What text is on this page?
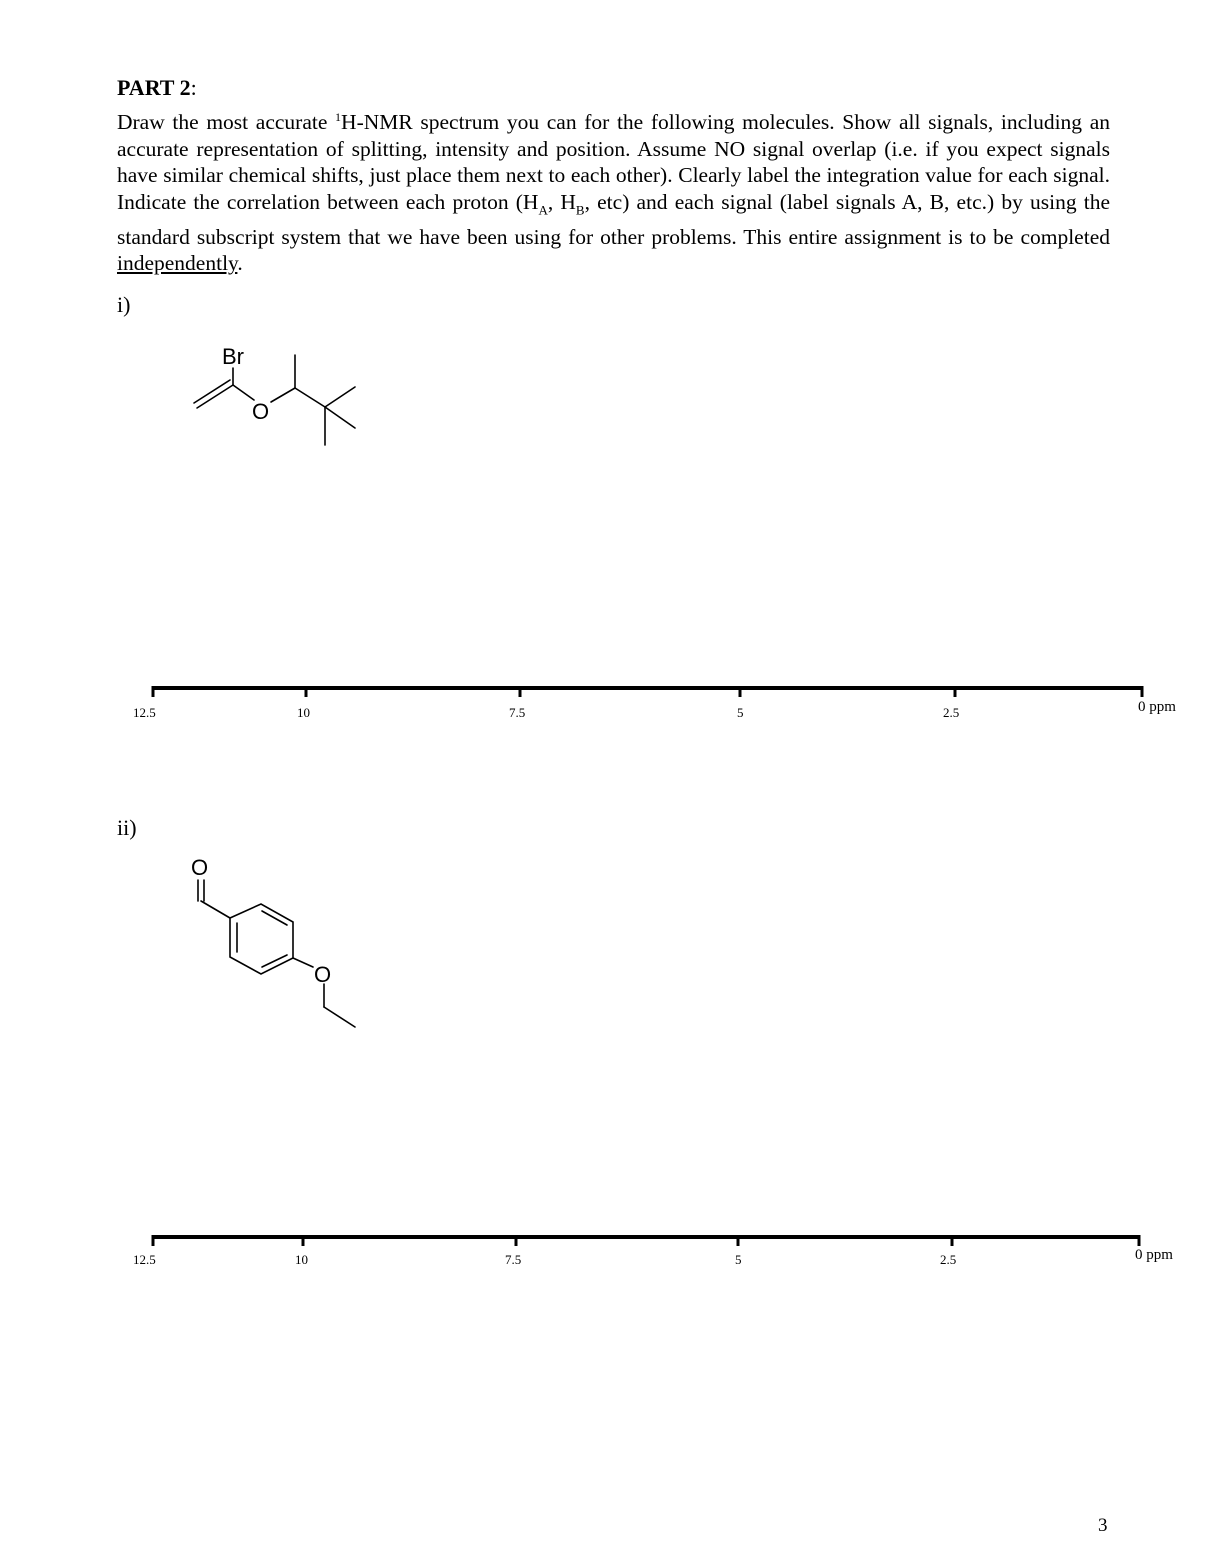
PART 2:
Draw the most accurate $^1$H-NMR spectrum you can for the following molecules. Show all signals, including an accurate representation of splitting, intensity and position. Assume NO signal overlap (i.e. if you expect signals have similar chemical shifts, just place them next to each other). Clearly label the integration value for each signal. Indicate the correlation between each proton ($H_A$, $H_B$, etc) and each signal (label signals A, B, etc.) by using the standard subscript system that we have been using for other problems. This entire assignment is to be completed independently.
i)
Br
O
12.5	10	7.5	5	2.5	0 ppm
ii)
O
O
12.5	10	7.5	5	2.5	0 ppm
3
